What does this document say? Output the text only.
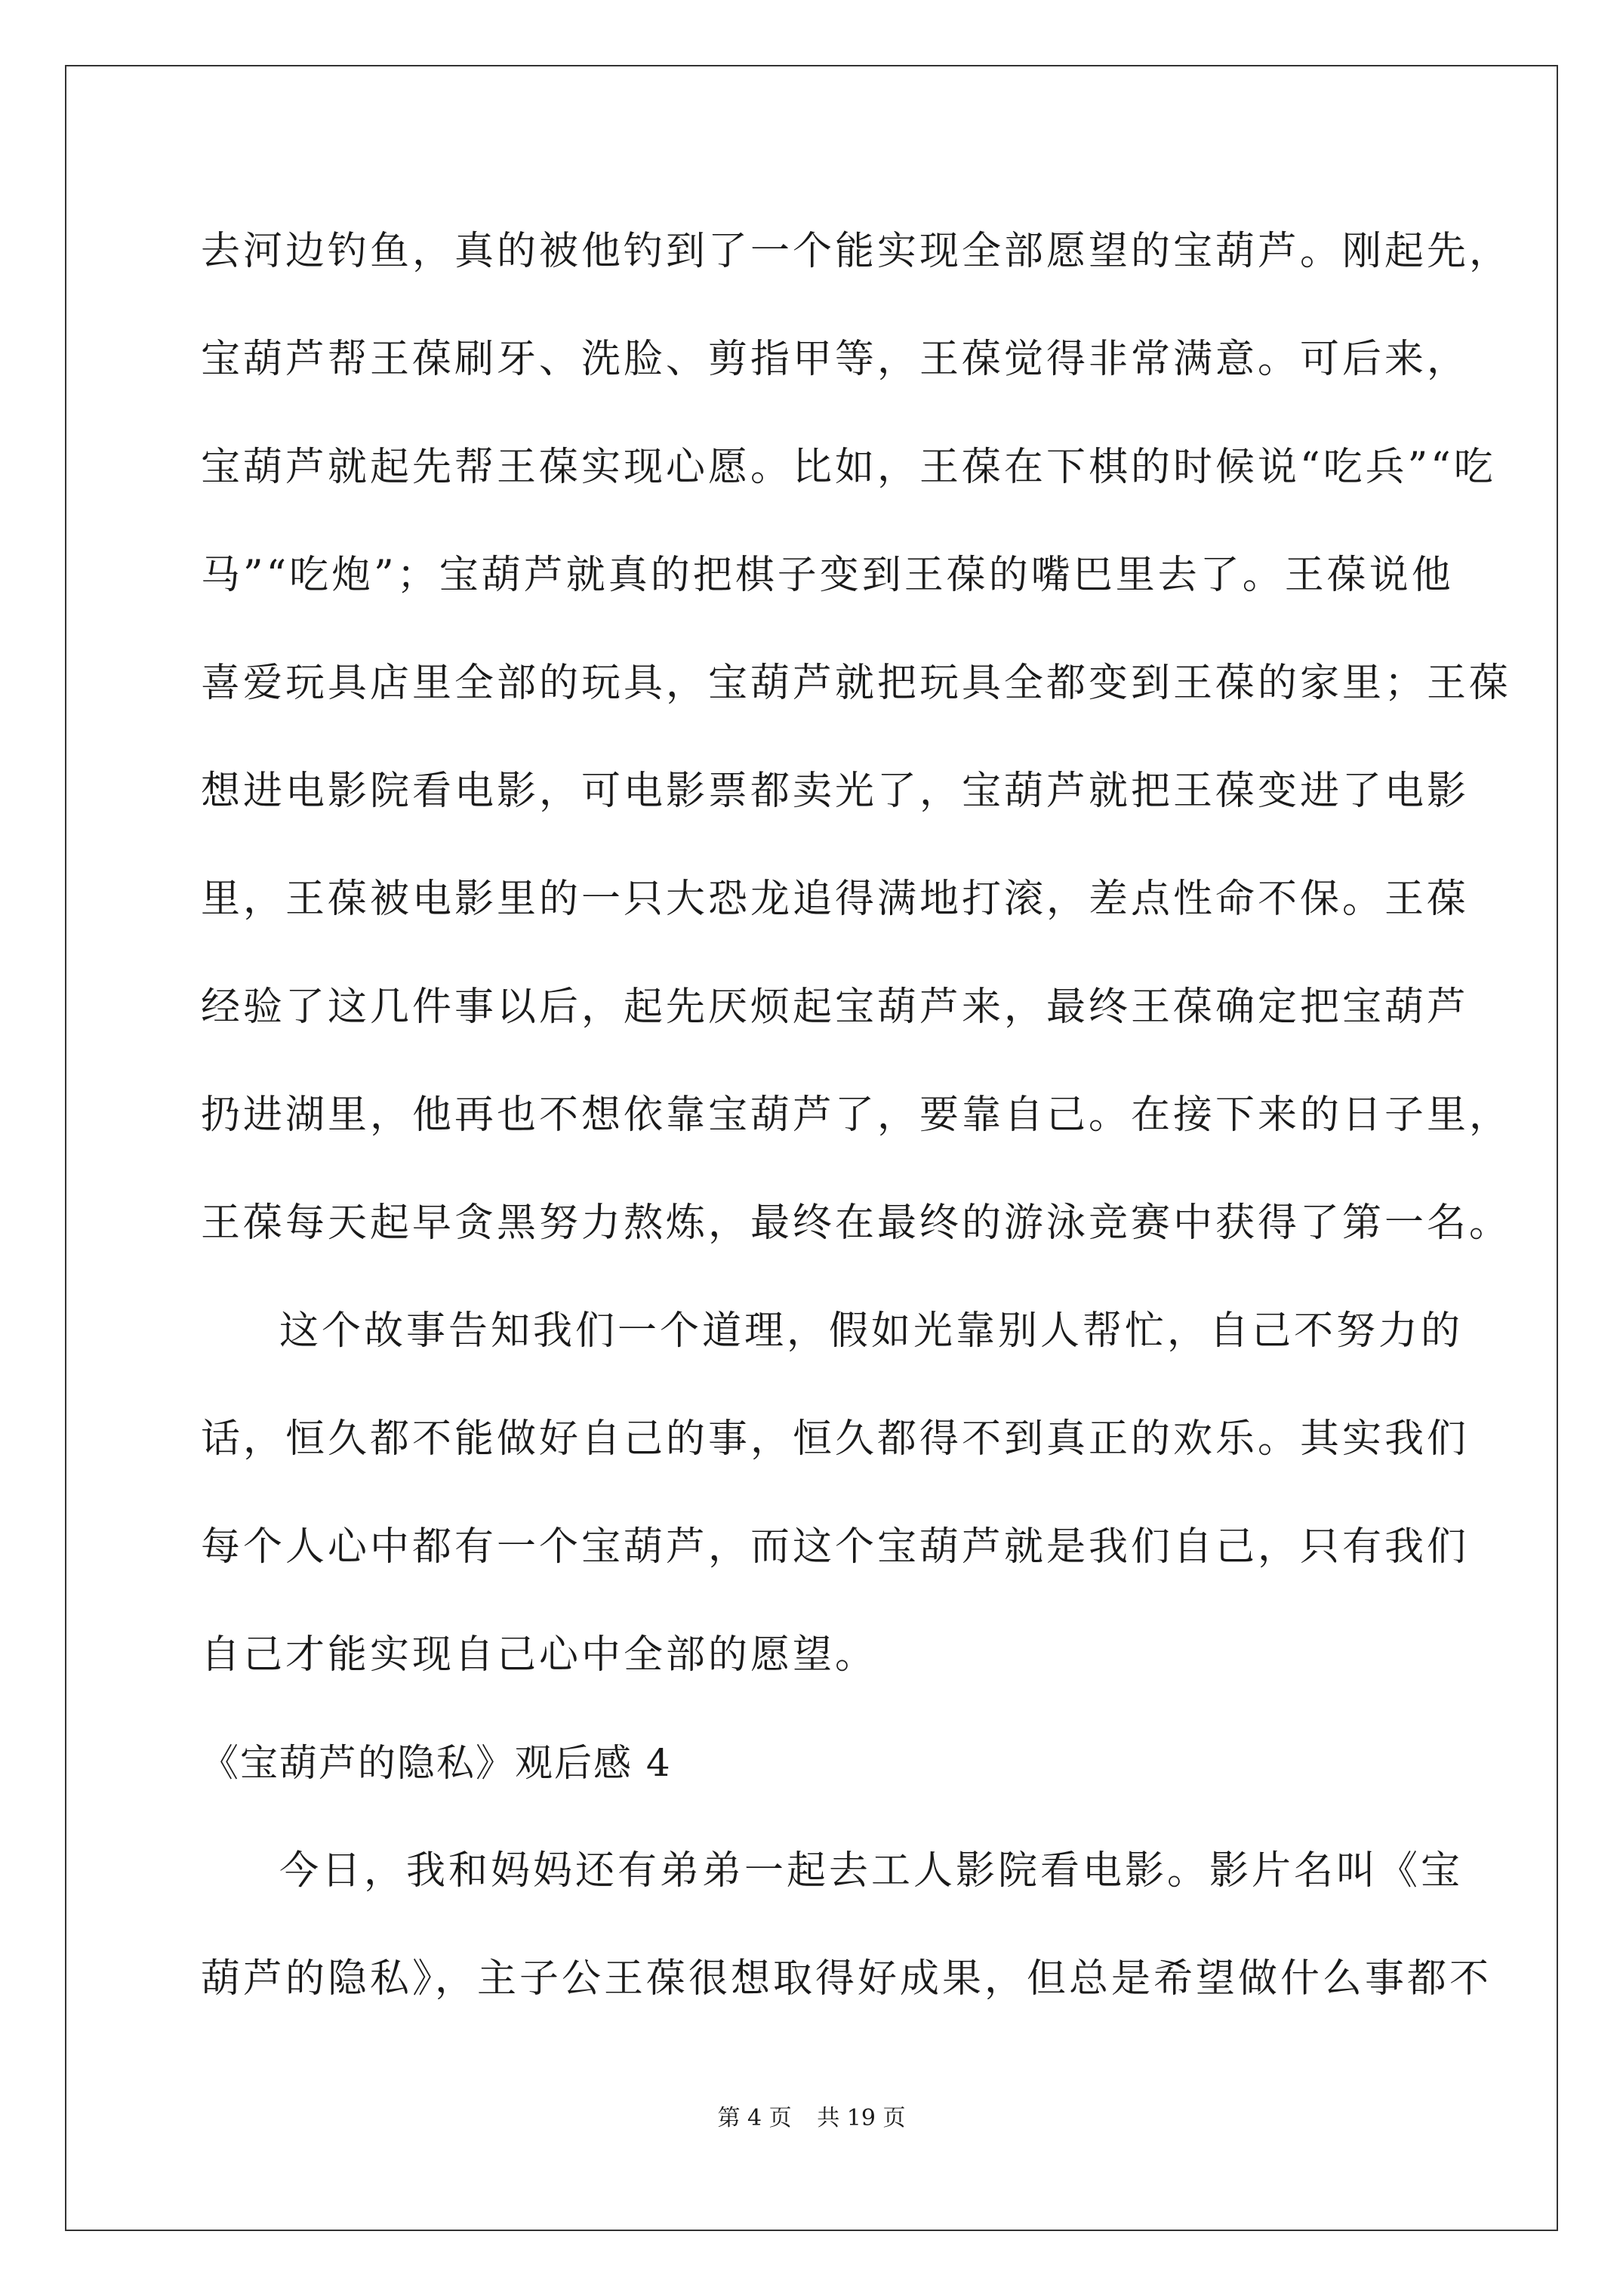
去河边钓鱼，真的被他钓到了一个能实现全部愿望的宝葫芦。刚起先，
宝葫芦帮王葆刷牙、洗脸、剪指甲等，王葆觉得非常满意。可后来，
宝葫芦就起先帮王葆实现心愿。比如，王葆在下棋的时候说“吃兵”“吃
马”“吃炮”；宝葫芦就真的把棋子变到王葆的嘴巴里去了。王葆说他
喜爱玩具店里全部的玩具，宝葫芦就把玩具全都变到王葆的家里；王葆
想进电影院看电影，可电影票都卖光了，宝葫芦就把王葆变进了电影
里，王葆被电影里的一只大恐龙追得满地打滚，差点性命不保。王葆
经验了这几件事以后，起先厌烦起宝葫芦来，最终王葆确定把宝葫芦
扔进湖里，他再也不想依靠宝葫芦了，要靠自己。在接下来的日子里，
王葆每天起早贪黑努力熬炼，最终在最终的游泳竞赛中获得了第一名。
这个故事告知我们一个道理，假如光靠别人帮忙，自己不努力的
话，恒久都不能做好自己的事，恒久都得不到真正的欢乐。其实我们
每个人心中都有一个宝葫芦，而这个宝葫芦就是我们自己，只有我们
自己才能实现自己心中全部的愿望。
《宝葫芦的隐私》观后感 4
今日，我和妈妈还有弟弟一起去工人影院看电影。影片名叫《宝
葫芦的隐私》，主子公王葆很想取得好成果，但总是希望做什么事都不
第 4 页 共 19 页
